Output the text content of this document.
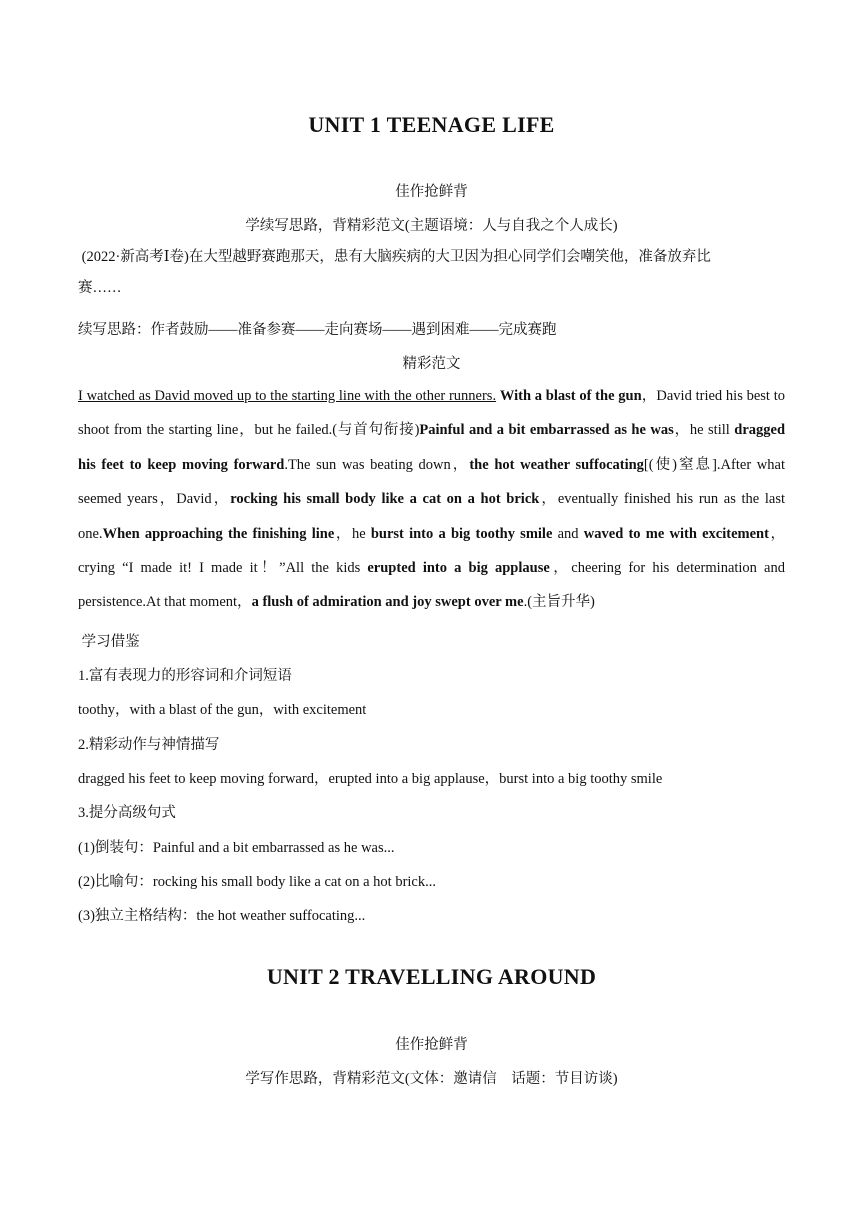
UNIT 1 TEENAGE LIFE
佳作抢鲜背
学续写思路，背精彩范文(主题语境：人与自我之个人成长)
(2022·新高考Ⅰ卷)在大型越野赛跑那天，患有大脑疾病的大卫因为担心同学们会嘲笑他，准备放弃比
赛……
续写思路：作者鼓励——准备参赛——走向赛场——遇到困难——完成赛跑
精彩范文
I watched as David moved up to the starting line with the other runners. With a blast of the gun，David tried his best to shoot from the starting line，but he failed.(与首句衔接)Painful and a bit embarrassed as he was，he still dragged his feet to keep moving forward.The sun was beating down，the hot weather suffocating[(使)窒息].After what seemed years，David，rocking his small body like a cat on a hot brick，eventually finished his run as the last one.When approaching the finishing line，he burst into a big toothy smile and waved to me with excitement，crying “I made it! I made it！”All the kids erupted into a big applause，cheering for his determination and persistence.At that moment，a flush of admiration and joy swept over me.(主旨升华)
学习借鉴
1.富有表现力的形容词和介词短语
toothy，with a blast of the gun，with excitement
2.精彩动作与神情描写
dragged his feet to keep moving forward，erupted into a big applause，burst into a big toothy smile
3.提分高级句式
(1)倒装句：Painful and a bit embarrassed as he was...
(2)比喻句：rocking his small body like a cat on a hot brick...
(3)独立主格结构：the hot weather suffocating...
UNIT 2 TRAVELLING AROUND
佳作抢鲜背
学写作思路，背精彩范文(文体：邀请信    话题：节目访谈)
